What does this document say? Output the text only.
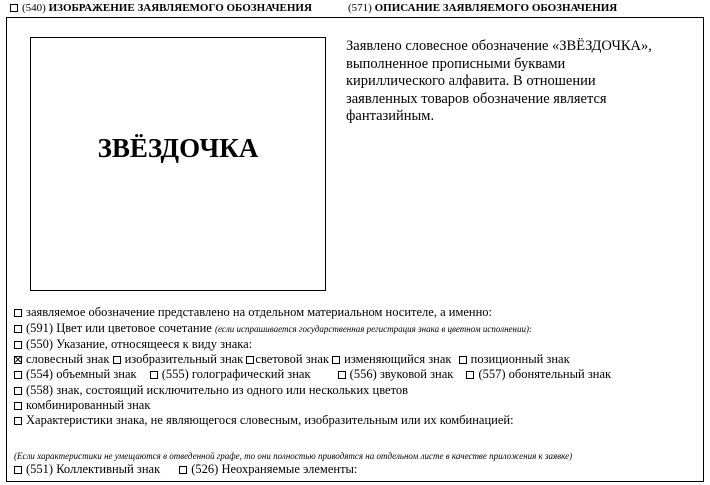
(540) ИЗОБРАЖЕНИЕ ЗАЯВЛЯЕМОГО ОБОЗНАЧЕНИЯ	(571) ОПИСАНИЕ ЗАЯВЛЯЕМОГО ОБОЗНАЧЕНИЯ
ЗВЁЗДОЧКА
Заявлено словесное обозначение «ЗВЁЗДОЧКА»,
выполненное прописными буквами
кириллического алфавита. В отношении
заявленных товаров обозначение является
фантазийным.
заявляемое обозначение представлено на отдельном материальном носителе, а именно:
(591) Цвет или цветовое сочетание (если испрашивается государственная регистрация знака в цветном исполнении):
(550) Указание, относящееся к виду знака:
словесный знак изобразительный знак световой знак изменяющийся знак позиционный знак
(554) объемный знак (555) голографический знак	(556) звуковой знак (557) обонятельный знак
(558) знак, состоящий исключительно из одного или нескольких цветов
комбинированный знак
Характеристики знака, не являющегося словесным, изобразительным или их комбинацией:
(Если характеристики не умещаются в отведенной графе, то они полностью приводятся на отдельном листе в качестве приложения к заявке)
(551) Коллективный знак (526) Неохраняемые элементы:
